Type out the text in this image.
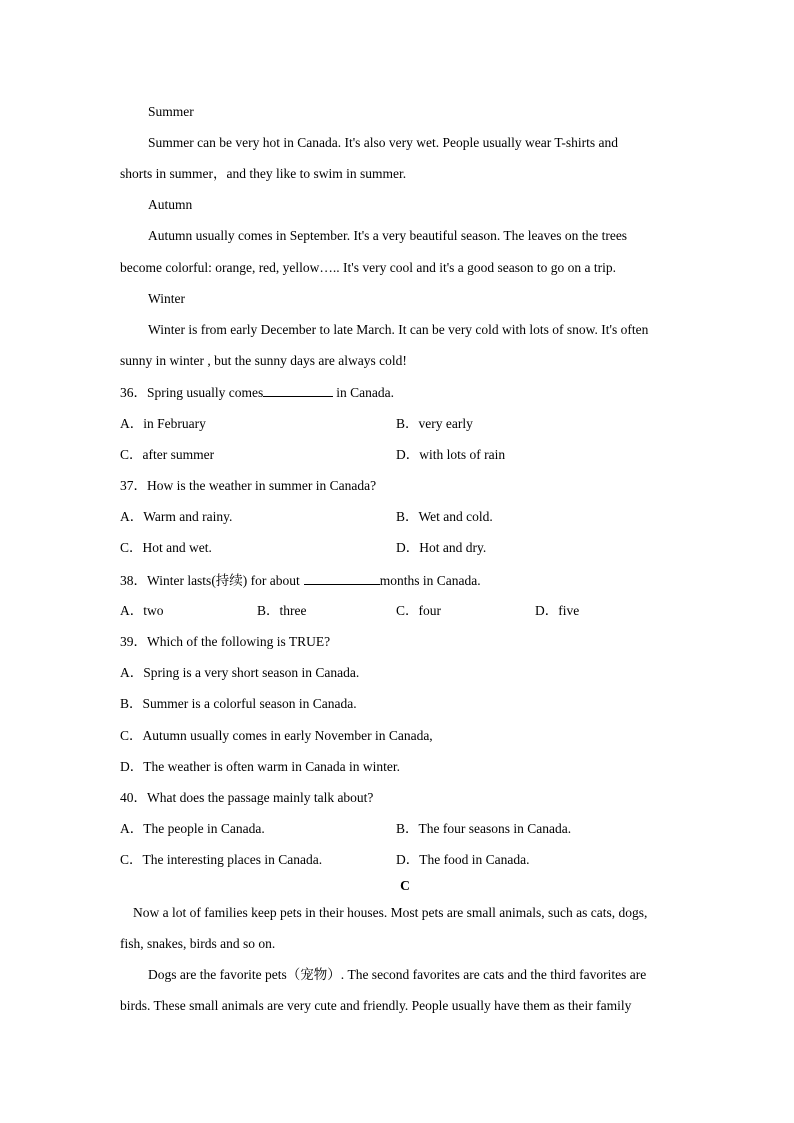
Summer
Summer can be very hot in Canada. It's also very wet. People usually wear T-shirts and
shorts in summer，and they like to swim in summer.
Autumn
Autumn usually comes in September. It's a very beautiful season. The leaves on the trees
become colorful: orange, red, yellow….. It's very cool and it's a good season to go on a trip.
Winter
Winter is from early December to late March. It can be very cold with lots of snow. It's often
sunny in winter , but the sunny days are always cold!
36．Spring usually comes	in Canada.
A．in February	B．very early
C．after summer	D．with lots of rain
37．How is the weather in summer in Canada?
A．Warm and rainy.	B．Wet and cold.
C．Hot and wet.	D．Hot and dry.
38．Winter lasts(持续) for about	months in Canada.
A．two	B．three	C．four	D．five
39．Which of the following is TRUE?
A．Spring is a very short season in Canada.
B．Summer is a colorful season in Canada.
C．Autumn usually comes in early November in Canada,
D．The weather is often warm in Canada in winter.
40．What does the passage mainly talk about?
A．The people in Canada.	B．The four seasons in Canada.
C．The interesting places in Canada.	D．The food in Canada.
C
Now a lot of families keep pets in their houses. Most pets are small animals, such as cats, dogs,
fish, snakes, birds and so on.
Dogs are the favorite pets（宠物）. The second favorites are cats and the third favorites are
birds. These small animals are very cute and friendly. People usually have them as their family
